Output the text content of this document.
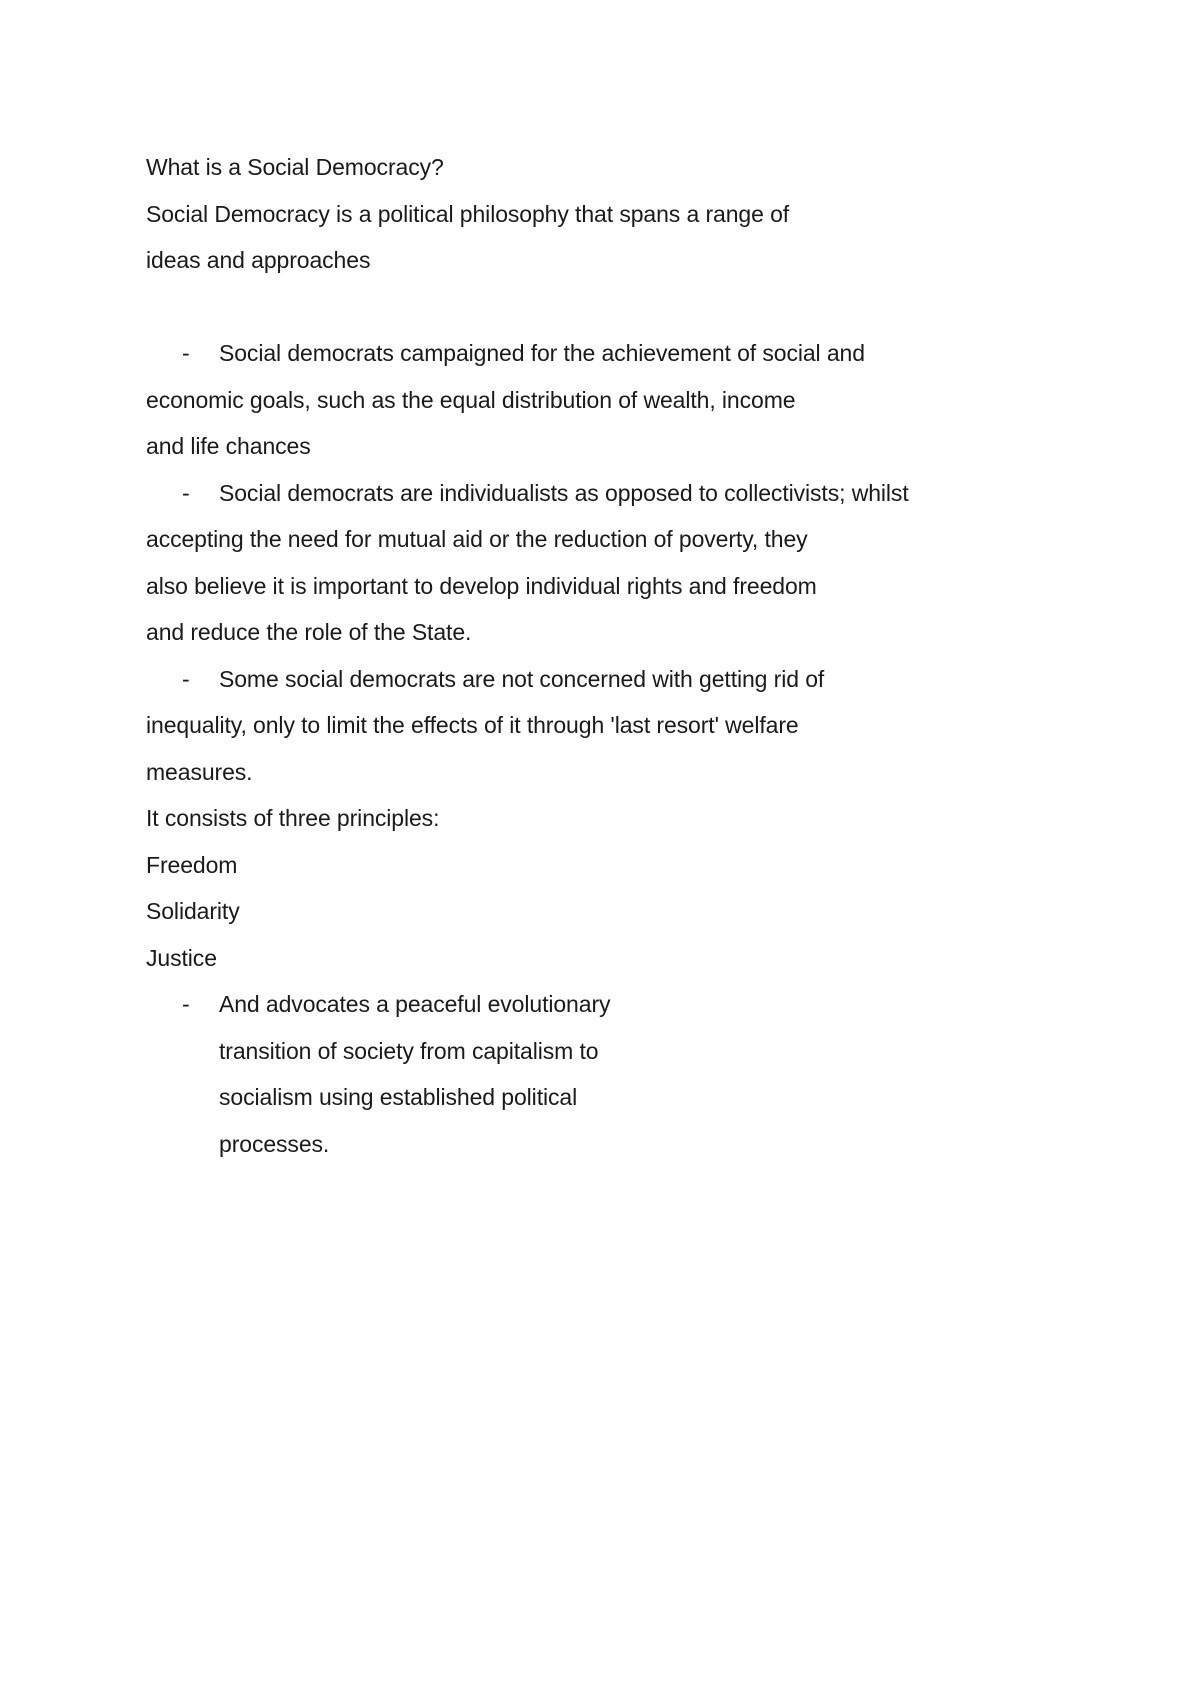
What is a Social Democracy?
Social Democracy is a political philosophy that spans a range of
ideas and approaches
- Social democrats campaigned for the achievement of social and
economic goals, such as the equal distribution of wealth, income
and life chances
- Social democrats are individualists as opposed to collectivists; whilst
accepting the need for mutual aid or the reduction of poverty, they
also believe it is important to develop individual rights and freedom
and reduce the role of the State.
- Some social democrats are not concerned with getting rid of
inequality, only to limit the effects of it through 'last resort' welfare
measures.
It consists of three principles:
Freedom
Solidarity
Justice
- And advocates a peaceful evolutionary
transition of society from capitalism to
socialism using established political
processes.
